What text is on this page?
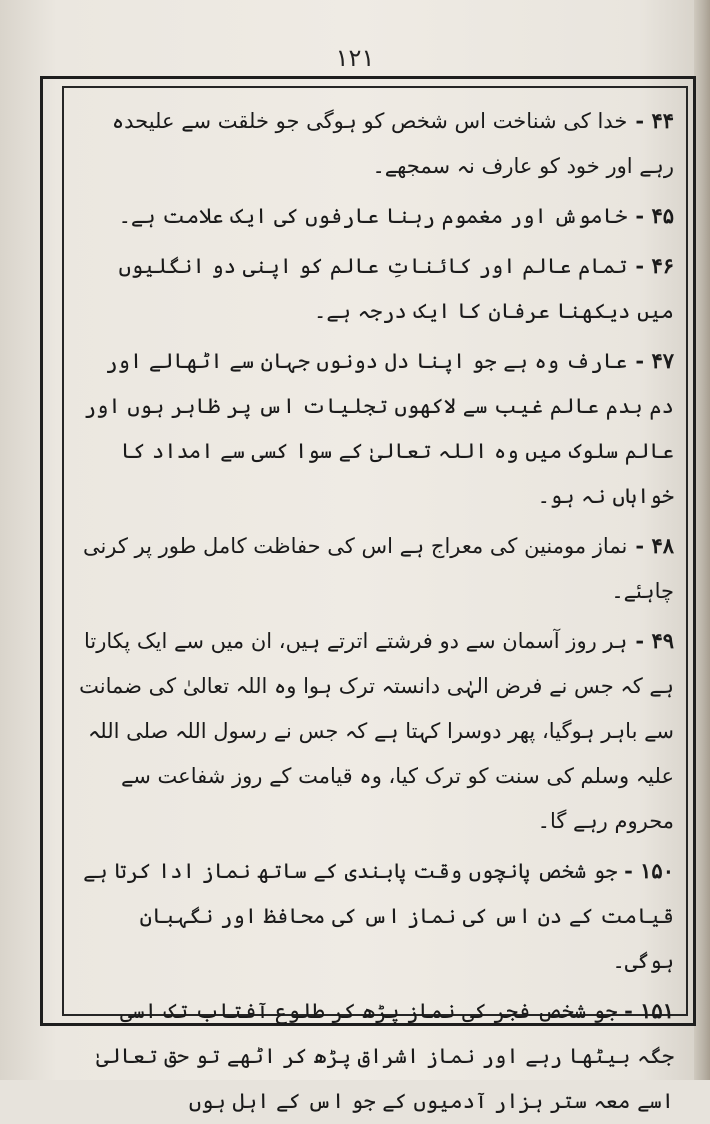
۱۲۱

۴۴ - خدا کی شناخت اس شخص کو ہوگی جو خلقت سے علیحدہ رہے اور خود کو عارف نہ سمجھے۔

۴۵ - خاموش اور مغموم رہنا عارفوں کی ایک علامت ہے۔

۴۶ - تمام عالم اور کائناتِ عالم کو اپنی دو انگلیوں میں دیکھنا عرفان کا ایک درجہ ہے۔

۴۷ - عارف وہ ہے جو اپنا دل دونوں جہان سے اٹھالے اور دم بدم عالم غیب سے لاکھوں تجلیات اس پر ظاہر ہوں اور عالم سلوک میں وہ اللہ تعالیٰ کے سوا کسی سے امداد کا خواہاں نہ ہو۔

۴۸ - نماز مومنین کی معراج ہے اس کی حفاظت کامل طور پر کرنی چاہئے۔

۴۹ - ہر روز آسمان سے دو فرشتے اترتے ہیں، ان میں سے ایک پکارتا ہے کہ جس نے فرض الہٰی دانستہ ترک ہوا وہ اللہ تعالیٰ کی ضمانت سے باہر ہوگیا، پھر دوسرا کہتا ہے کہ جس نے رسول اللہ صلی اللہ علیہ وسلم کی سنت کو ترک کیا، وہ قیامت کے روز شفاعت سے محروم رہے گا۔

۱۵۰ - جو شخص پانچوں وقت پابندی کے ساتھ نماز ادا کرتا ہے قیامت کے دن اس کی نماز اس کی محافظ اور نگہبان ہوگی۔

۱۵۱ - جو شخص فجر کی نماز پڑھ کر طلوع آفتاب تک اسی جگہ بیٹھا رہے اور نماز اشراق پڑھ کر اٹھے تو حق تعالیٰ اسے معہ ستر ہزار آدمیوں کے جو اس کے اہل ہوں
